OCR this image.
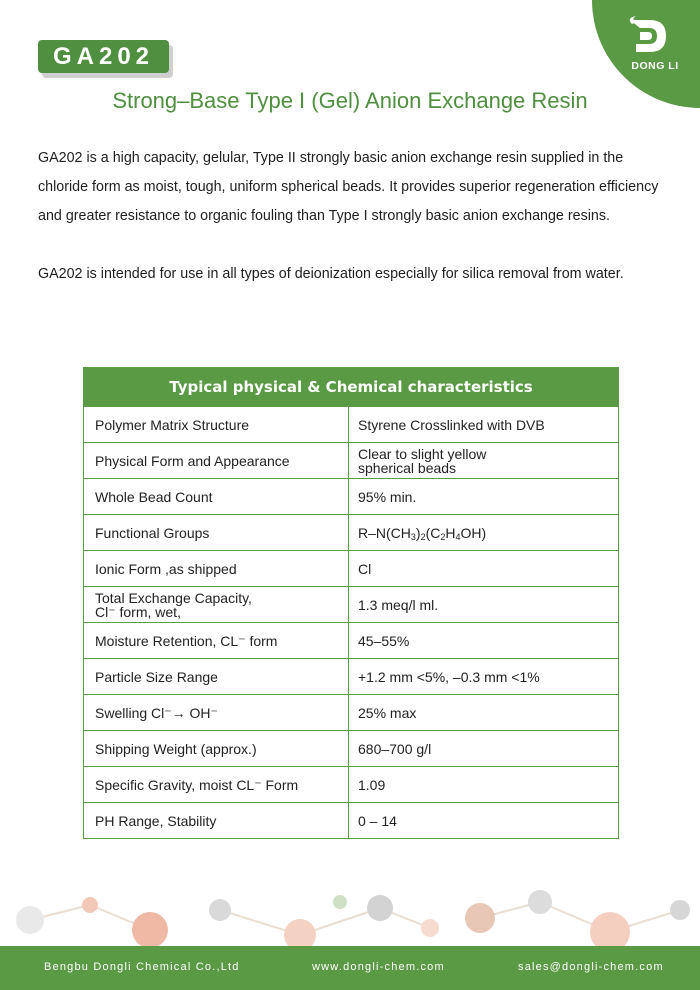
GA202	DONG LI
Strong–Base Type I (Gel) Anion Exchange Resin

GA202 is a high capacity, gelular, Type II strongly basic anion exchange resin supplied in the chloride form as moist, tough, uniform spherical beads. It provides superior regeneration efficiency and greater resistance to organic fouling than Type I strongly basic anion exchange resins.

GA202 is intended for use in all types of deionization especially for silica removal from water.

Typical physical & Chemical characteristics
Polymer Matrix Structure	Styrene Crosslinked with DVB
Physical Form and Appearance	Clear to slight yellow
spherical beads
Whole Bead Count	95% min.
Functional Groups	R–N(CH 3 ) 2 (C 2 H 4 OH)
Ionic Form ,as shipped	Cl
Total Exchange Capacity,
Cl⁻ form, wet,	1.3 meq/l ml.
Moisture Retention, CL⁻ form	45–55%
Particle Size Range	+1.2 mm <5%, –0.3 mm <1%
Swelling Cl⁻→ OH⁻	25% max
Shipping Weight (approx.)	680–700 g/l
Specific Gravity, moist CL⁻ Form	1.09
PH Range, Stability	0 – 14
Bengbu Dongli Chemical Co.,Ltd	www.dongli-chem.com	sales@dongli-chem.com
